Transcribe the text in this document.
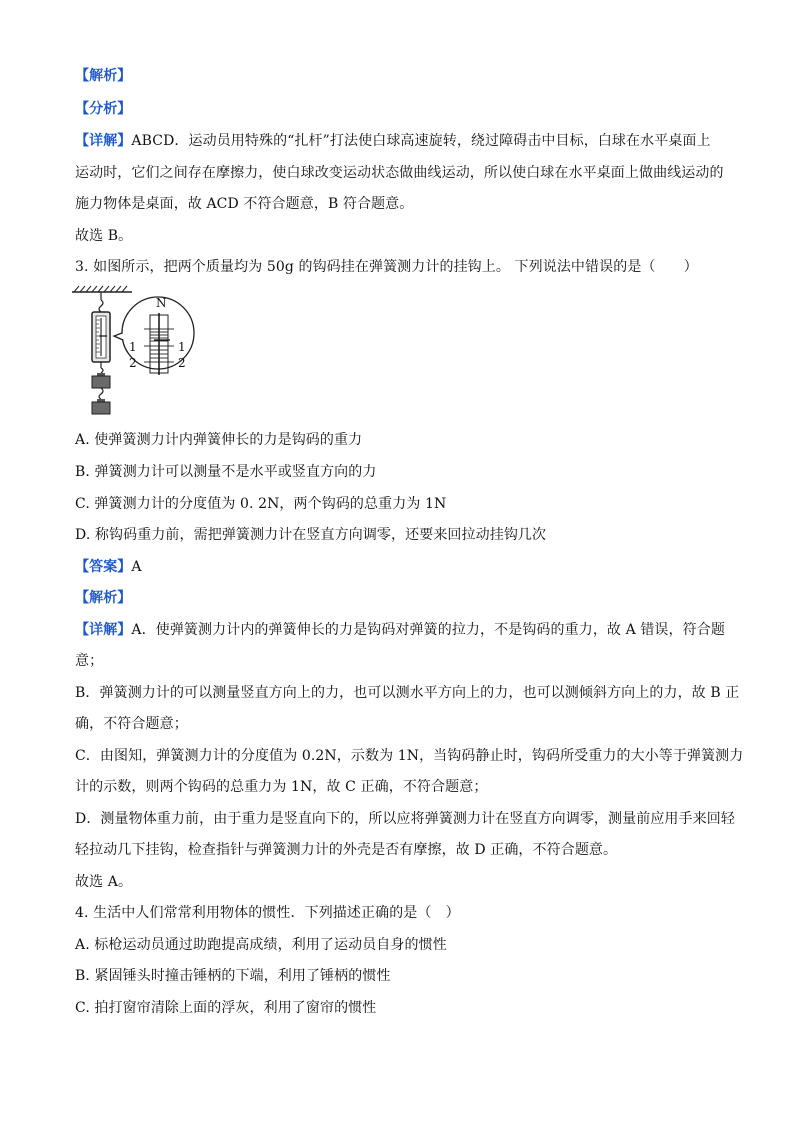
【解析】
【分析】
【详解】ABCD．运动员用特殊的“扎杆”打法使白球高速旋转，绕过障碍击中目标，白球在水平桌面上
运动时，它们之间存在摩擦力，使白球改变运动状态做曲线运动，所以使白球在水平桌面上做曲线运动的
施力物体是桌面，故 ACD 不符合题意，B 符合题意。
故选 B。
3. 如图所示，把两个质量均为 50g 的钩码挂在弹簧测力计的挂钩上。 下列说法中错误的是（　　）
N
1
2
1
2
A. 使弹簧测力计内弹簧伸长的力是钩码的重力
B. 弹簧测力计可以测量不是水平或竖直方向的力
C. 弹簧测力计的分度值为 0. 2N，两个钩码的总重力为 1N
D. 称钩码重力前，需把弹簧测力计在竖直方向调零，还要来回拉动挂钩几次
【答案】A
【解析】
【详解】A．使弹簧测力计内的弹簧伸长的力是钩码对弹簧的拉力，不是钩码的重力，故 A 错误，符合题
意；
B．弹簧测力计的可以测量竖直方向上的力，也可以测水平方向上的力，也可以测倾斜方向上的力，故 B 正
确，不符合题意；
C．由图知，弹簧测力计的分度值为 0.2N，示数为 1N，当钩码静止时，钩码所受重力的大小等于弹簧测力
计的示数，则两个钩码的总重力为 1N，故 C 正确，不符合题意；
D．测量物体重力前，由于重力是竖直向下的，所以应将弹簧测力计在竖直方向调零，测量前应用手来回轻
轻拉动几下挂钩，检查指针与弹簧测力计的外壳是否有摩擦，故 D 正确，不符合题意。
故选 A。
4. 生活中人们常常利用物体的惯性．下列描述正确的是（　）
A. 标枪运动员通过助跑提高成绩，利用了运动员自身的惯性
B. 紧固锤头时撞击锤柄的下端，利用了锤柄的惯性
C. 拍打窗帘清除上面的浮灰，利用了窗帘的惯性
